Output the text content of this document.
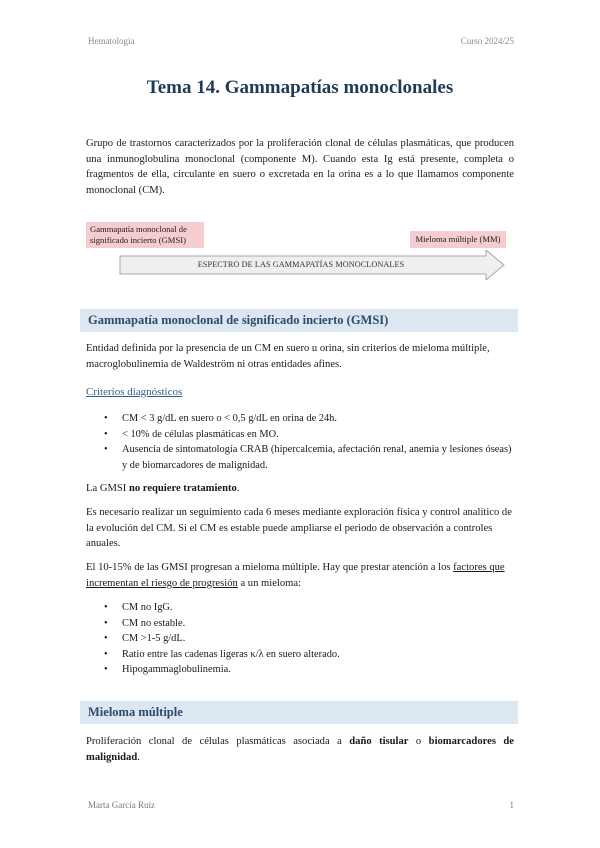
Hematología	Curso 2024/25
Tema 14. Gammapatías monoclonales
Grupo de trastornos caracterizados por la proliferación clonal de células plasmáticas, que producen una inmunoglobulina monoclonal (componente M). Cuando esta Ig está presente, completa o fragmentos de ella, circulante en suero o excretada en la orina es a lo que llamamos componente monoclonal (CM).
Gammapatía monoclonal de significado incierto (GMSI)	Mieloma múltiple (MM)
ESPECTRO DE LAS GAMMAPATÍAS MONOCLONALES
Gammapatía monoclonal de significado incierto (GMSI)
Entidad definida por la presencia de un CM en suero u orina, sin criterios de mieloma múltiple, macroglobulinemia de Waldeström ni otras entidades afines.
Criterios diagnósticos
• CM < 3 g/dL en suero o < 0,5 g/dL en orina de 24h.
• < 10% de células plasmáticas en MO.
• Ausencia de sintomatología CRAB (hipercalcemia, afectación renal, anemia y lesiones óseas) y de biomarcadores de malignidad.
La GMSI no requiere tratamiento.
Es necesario realizar un seguimiento cada 6 meses mediante exploración física y control analítico de la evolución del CM. Si el CM es estable puede ampliarse el periodo de observación a controles anuales.
El 10-15% de las GMSI progresan a mieloma múltiple. Hay que prestar atención a los factores que incrementan el riesgo de progresión a un mieloma:
• CM no IgG.
• CM no estable.
• CM >1-5 g/dL.
• Ratio entre las cadenas ligeras κ/λ en suero alterado.
• Hipogammaglobulinemia.
Mieloma múltiple
Proliferación clonal de células plasmáticas asociada a daño tisular o biomarcadores de malignidad.
Marta García Ruiz	1
